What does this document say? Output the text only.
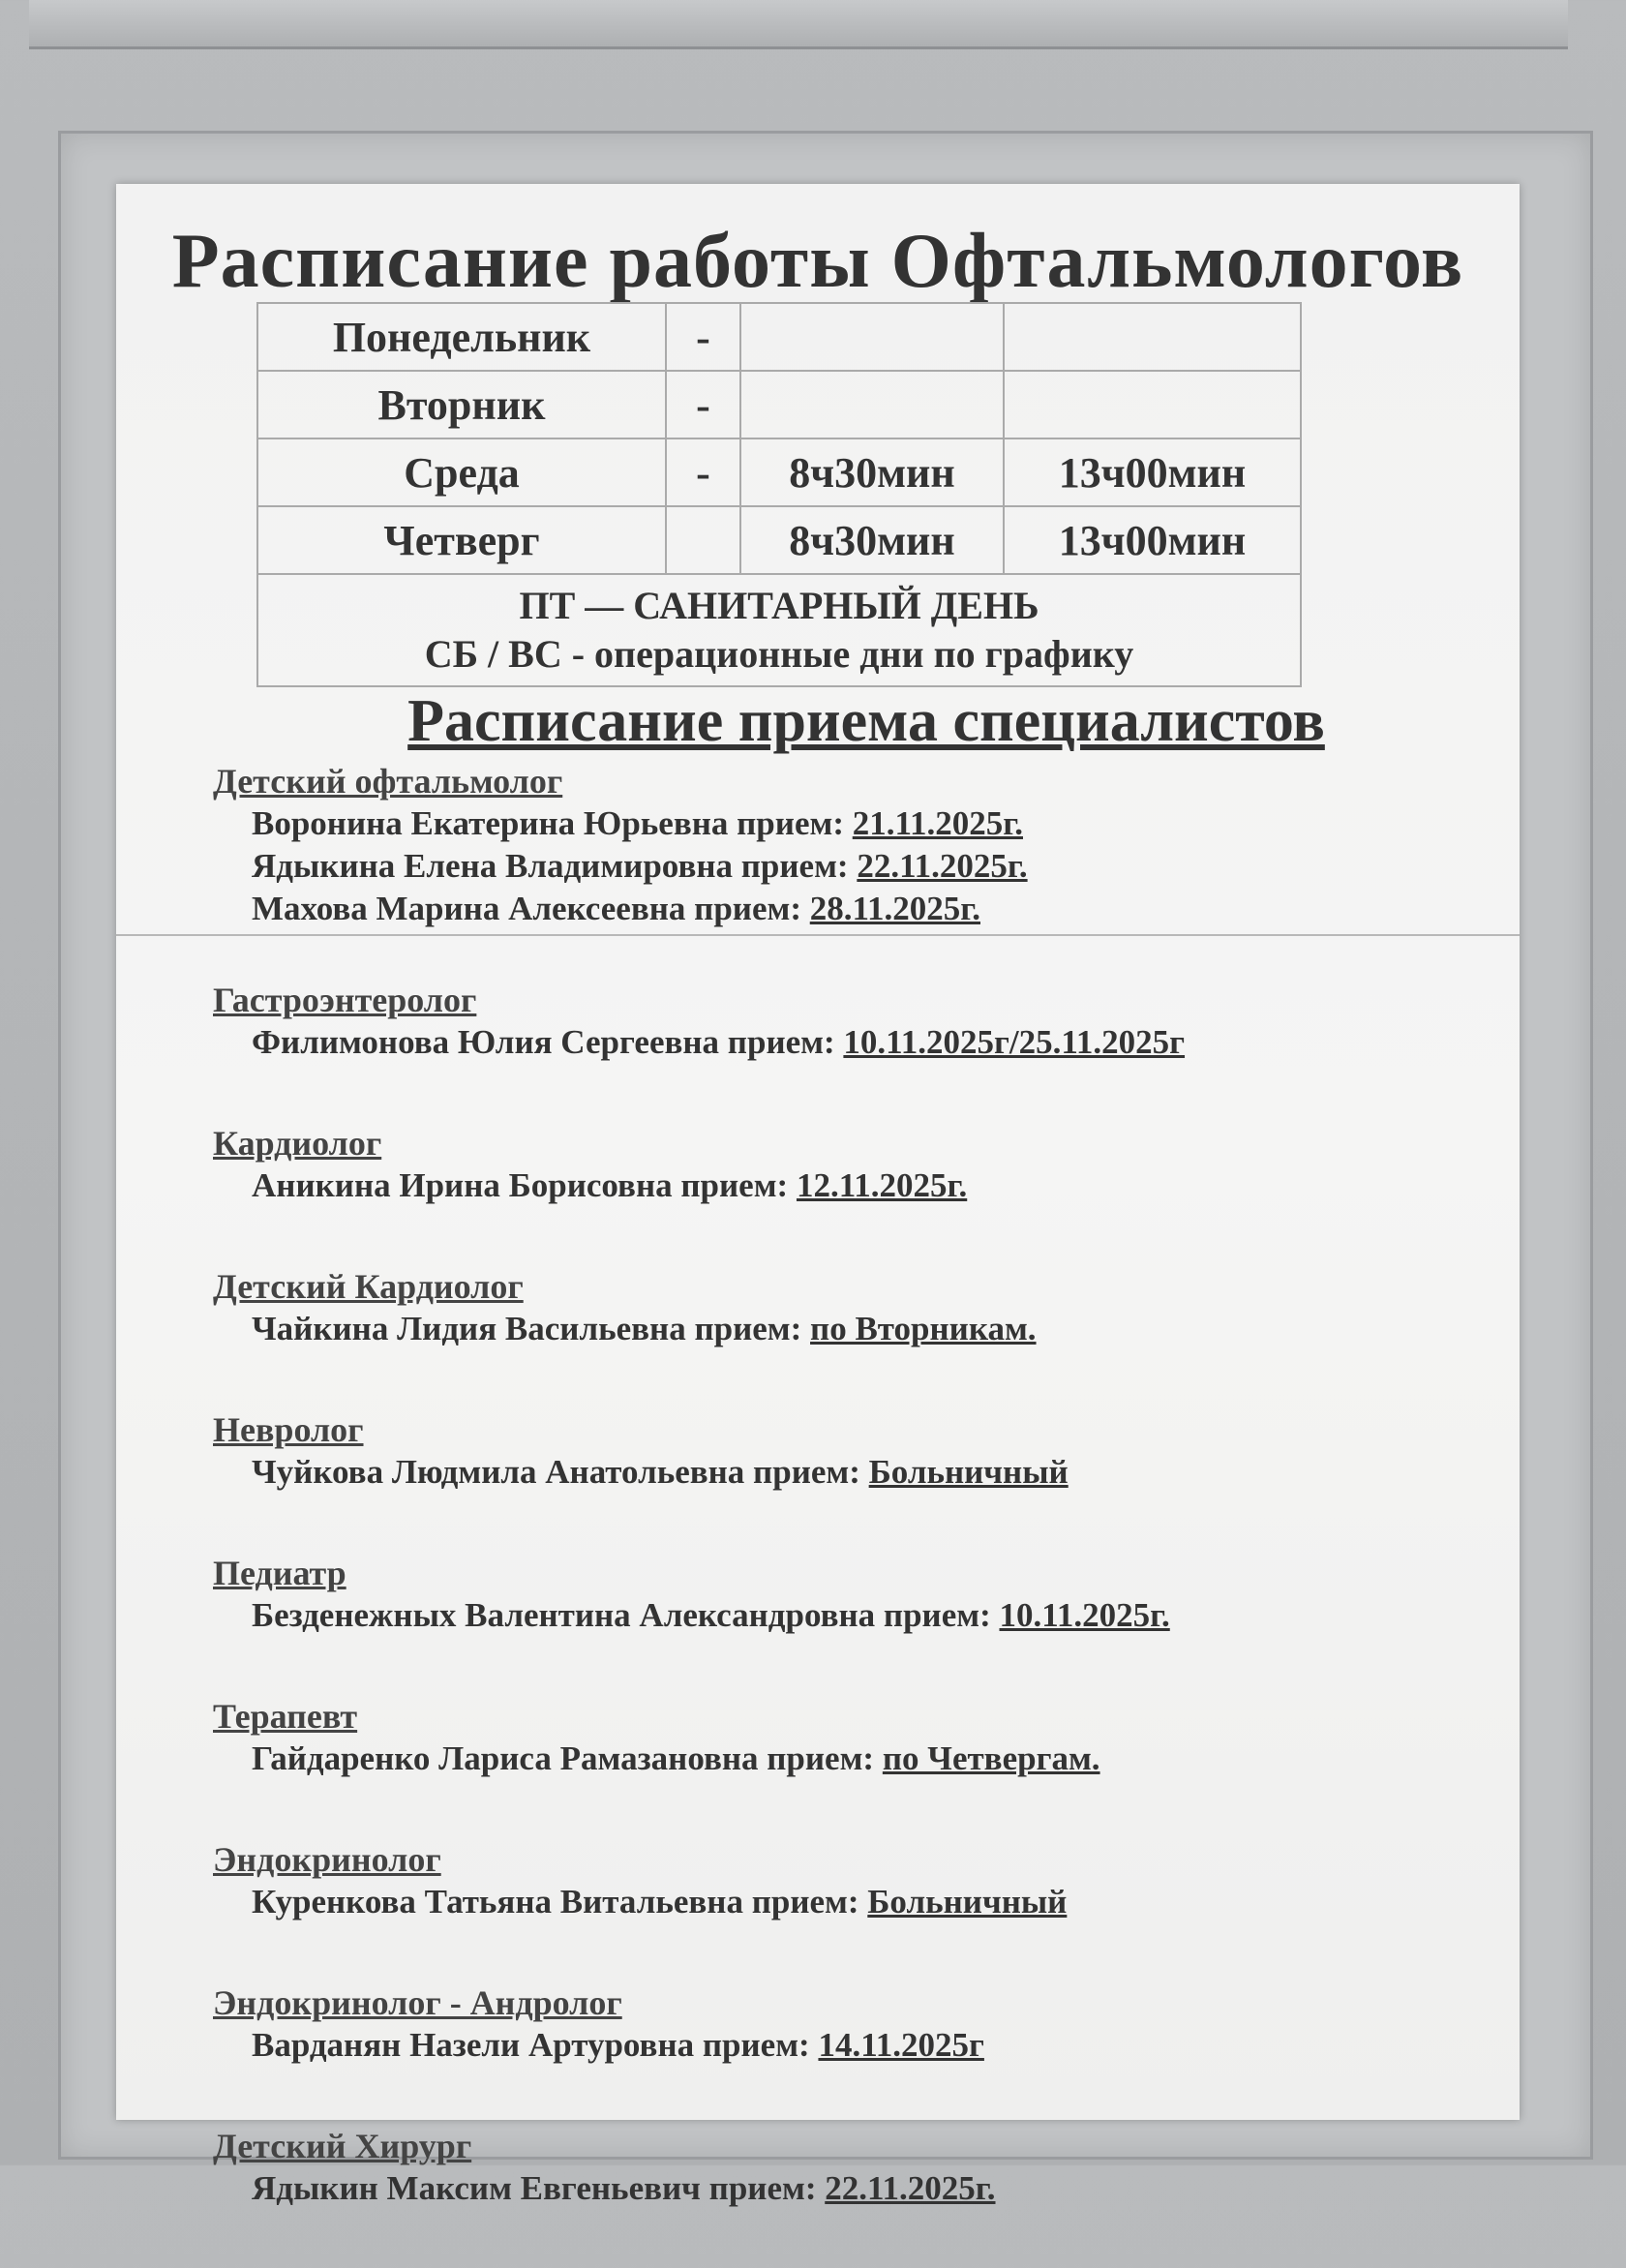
Расписание работы Офтальмологов
Понедельник	-		
Вторник	-		
Среда	-	8ч30мин	13ч00мин
Четверг		8ч30мин	13ч00мин

ПТ — САНИТАРНЫЙ ДЕНЬ
СБ / ВС - операционные дни по графику			
Расписание приема специалистов
Детский офтальмолог
Воронина Екатерина Юрьевна прием: 21.11.2025г.
Ядыкина Елена Владимировна прием: 22.11.2025г.
Махова Марина Алексеевна прием: 28.11.2025г.
Гастроэнтеролог
Филимонова Юлия Сергеевна прием: 10.11.2025г/25.11.2025г
Кардиолог
Аникина Ирина Борисовна прием: 12.11.2025г.
Детский Кардиолог
Чайкина Лидия Васильевна прием: по Вторникам.
Невролог
Чуйкова Людмила Анатольевна прием: Больничный
Педиатр
Безденежных Валентина Александровна прием: 10.11.2025г.
Терапевт
Гайдаренко Лариса Рамазановна прием: по Четвергам.
Эндокринолог
Куренкова Татьяна Витальевна прием: Больничный
Эндокринолог - Андролог
Варданян Назели Артуровна прием: 14.11.2025г
Детский Хирург
Ядыкин Максим Евгеньевич прием: 22.11.2025г.
